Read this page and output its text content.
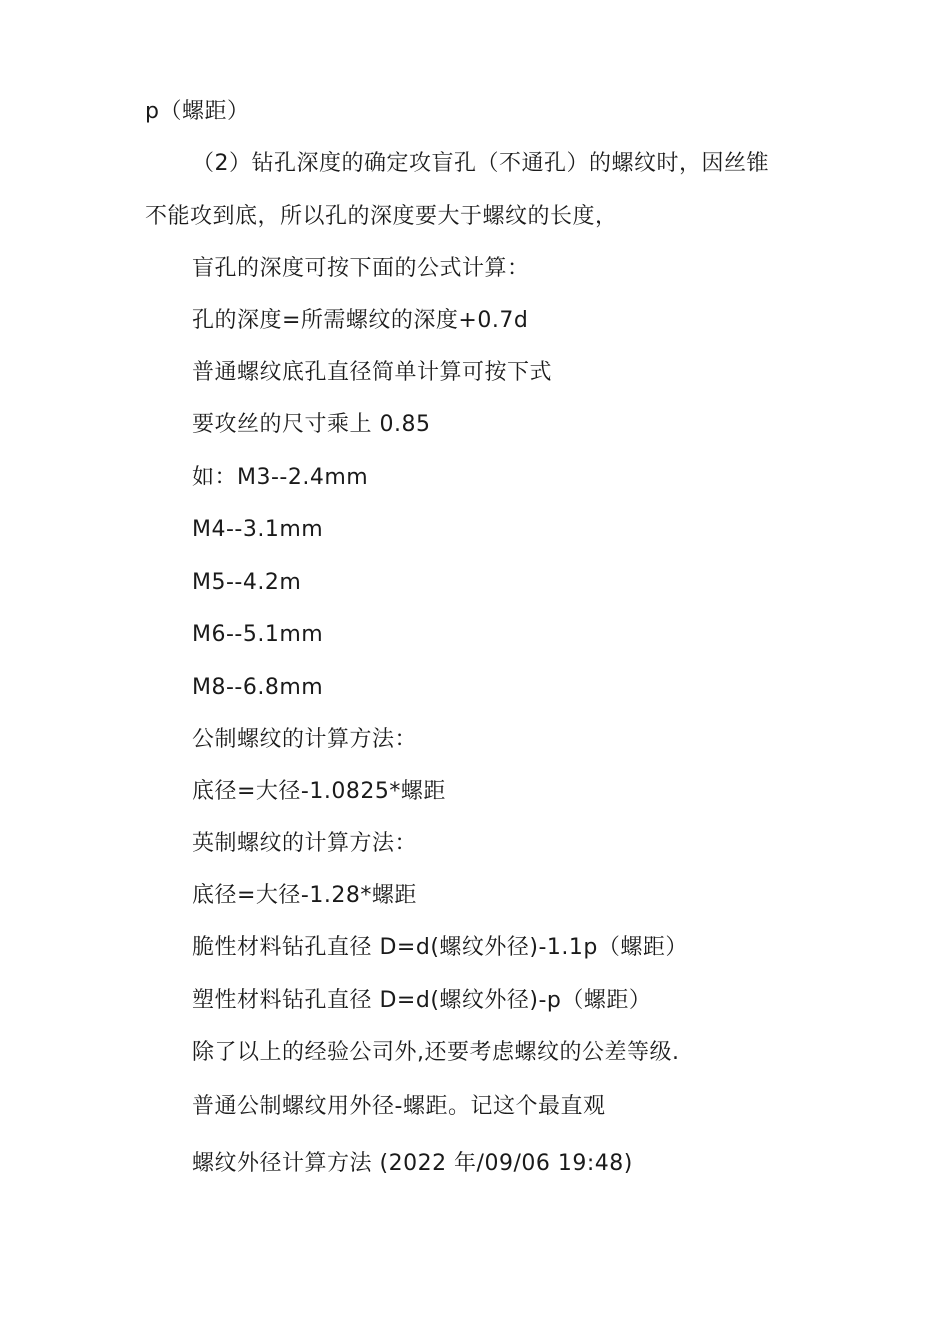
p（螺距）
（2）钻孔深度的确定攻盲孔（不通孔）的螺纹时，因丝锥
不能攻到底，所以孔的深度要大于螺纹的长度，
盲孔的深度可按下面的公式计算：
孔的深度=所需螺纹的深度+0.7d
普通螺纹底孔直径简单计算可按下式
要攻丝的尺寸乘上 0.85
如：M3--2.4mm
M4--3.1mm
M5--4.2m
M6--5.1mm
M8--6.8mm
公制螺纹的计算方法：
底径=大径-1.0825*螺距
英制螺纹的计算方法：
底径=大径-1.28*螺距
脆性材料钻孔直径 D=d(螺纹外径)-1.1p（螺距）
塑性材料钻孔直径 D=d(螺纹外径)-p（螺距）
除了以上的经验公司外,还要考虑螺纹的公差等级.
普通公制螺纹用外径-螺距。记这个最直观
螺纹外径计算方法 (2022 年/09/06 19:48)
